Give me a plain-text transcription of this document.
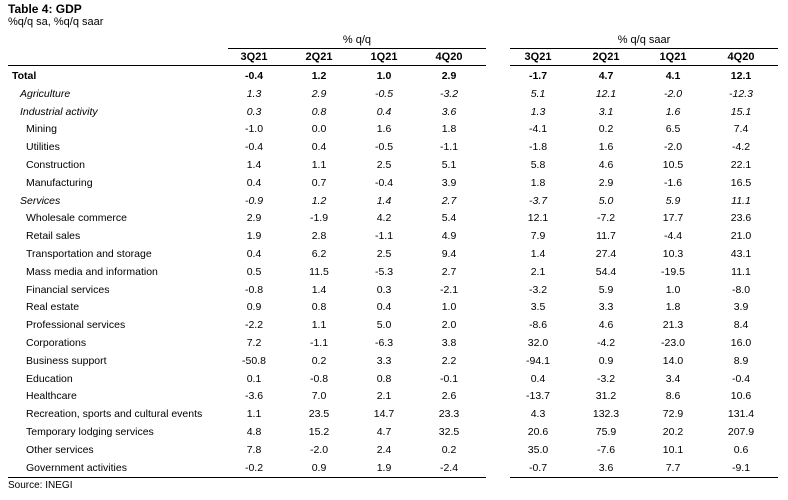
Table 4: GDP
%q/q sa, %q/q saar
% q/q	% q/q saar
3Q21	2Q21	1Q21	4Q20	3Q21	2Q21	1Q21	4Q20
Total	-0.4	1.2	1.0	2.9	-1.7	4.7	4.1	12.1
Agriculture	1.3	2.9	-0.5	-3.2	5.1	12.1	-2.0	-12.3
Industrial activity	0.3	0.8	0.4	3.6	1.3	3.1	1.6	15.1
Mining	-1.0	0.0	1.6	1.8	-4.1	0.2	6.5	7.4
Utilities	-0.4	0.4	-0.5	-1.1	-1.8	1.6	-2.0	-4.2
Construction	1.4	1.1	2.5	5.1	5.8	4.6	10.5	22.1
Manufacturing	0.4	0.7	-0.4	3.9	1.8	2.9	-1.6	16.5
Services	-0.9	1.2	1.4	2.7	-3.7	5.0	5.9	11.1
Wholesale commerce	2.9	-1.9	4.2	5.4	12.1	-7.2	17.7	23.6
Retail sales	1.9	2.8	-1.1	4.9	7.9	11.7	-4.4	21.0
Transportation and storage	0.4	6.2	2.5	9.4	1.4	27.4	10.3	43.1
Mass media and information	0.5	11.5	-5.3	2.7	2.1	54.4	-19.5	11.1
Financial services	-0.8	1.4	0.3	-2.1	-3.2	5.9	1.0	-8.0
Real estate	0.9	0.8	0.4	1.0	3.5	3.3	1.8	3.9
Professional services	-2.2	1.1	5.0	2.0	-8.6	4.6	21.3	8.4
Corporations	7.2	-1.1	-6.3	3.8	32.0	-4.2	-23.0	16.0
Business support	-50.8	0.2	3.3	2.2	-94.1	0.9	14.0	8.9
Education	0.1	-0.8	0.8	-0.1	0.4	-3.2	3.4	-0.4
Healthcare	-3.6	7.0	2.1	2.6	-13.7	31.2	8.6	10.6
Recreation, sports and cultural events	1.1	23.5	14.7	23.3	4.3	132.3	72.9	131.4
Temporary lodging services	4.8	15.2	4.7	32.5	20.6	75.9	20.2	207.9
Other services	7.8	-2.0	2.4	0.2	35.0	-7.6	10.1	0.6
Government activities	-0.2	0.9	1.9	-2.4	-0.7	3.6	7.7	-9.1
Source: INEGI
